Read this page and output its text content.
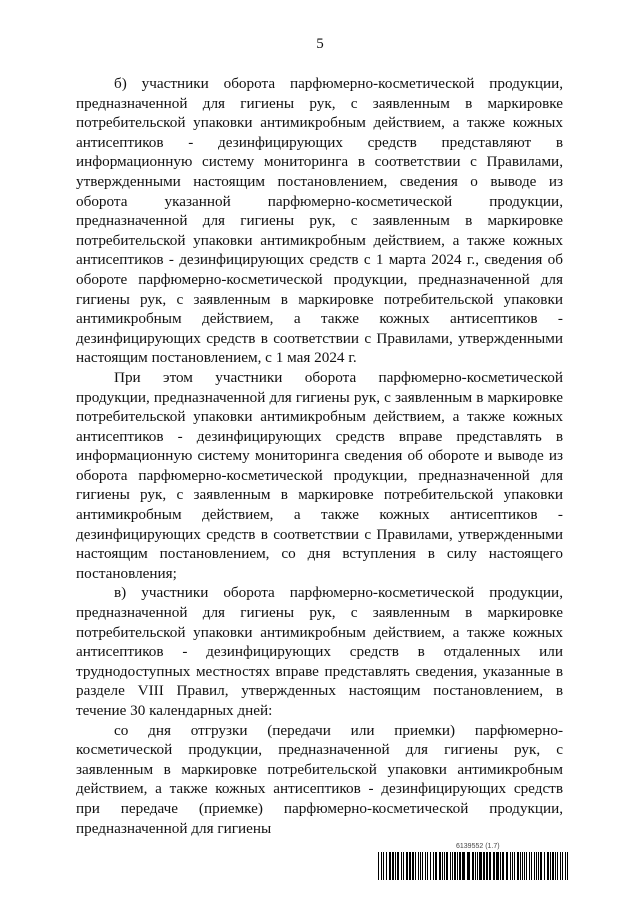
5

б) участники оборота парфюмерно-косметической продукции, предназначенной для гигиены рук, с заявленным в маркировке потребительской упаковки антимикробным действием, а также кожных антисептиков - дезинфицирующих средств представляют в информационную систему мониторинга в соответствии с Правилами, утвержденными настоящим постановлением, сведения о выводе из оборота указанной парфюмерно-косметической продукции, предназначенной для гигиены рук, с заявленным в маркировке потребительской упаковки антимикробным действием, а также кожных антисептиков - дезинфицирующих средств с 1 марта 2024 г., сведения об обороте парфюмерно-косметической продукции, предназначенной для гигиены рук, с заявленным в маркировке потребительской упаковки антимикробным действием, а также кожных антисептиков - дезинфицирующих средств в соответствии с Правилами, утвержденными настоящим постановлением, с 1 мая 2024 г.

При этом участники оборота парфюмерно-косметической продукции, предназначенной для гигиены рук, с заявленным в маркировке потребительской упаковки антимикробным действием, а также кожных антисептиков - дезинфицирующих средств вправе представлять в информационную систему мониторинга сведения об обороте и выводе из оборота парфюмерно-косметической продукции, предназначенной для гигиены рук, с заявленным в маркировке потребительской упаковки антимикробным действием, а также кожных антисептиков - дезинфицирующих средств в соответствии с Правилами, утвержденными настоящим постановлением, со дня вступления в силу настоящего постановления;

в) участники оборота парфюмерно-косметической продукции, предназначенной для гигиены рук, с заявленным в маркировке потребительской упаковки антимикробным действием, а также кожных антисептиков - дезинфицирующих средств в отдаленных или труднодоступных местностях вправе представлять сведения, указанные в разделе VIII Правил, утвержденных настоящим постановлением, в течение 30 календарных дней:

со дня отгрузки (передачи или приемки) парфюмерно-косметической продукции, предназначенной для гигиены рук, с заявленным в маркировке потребительской упаковки антимикробным действием, а также кожных антисептиков - дезинфицирующих средств при передаче (приемке) парфюмерно-косметической продукции, предназначенной для гигиены

6139552 (1.7)
